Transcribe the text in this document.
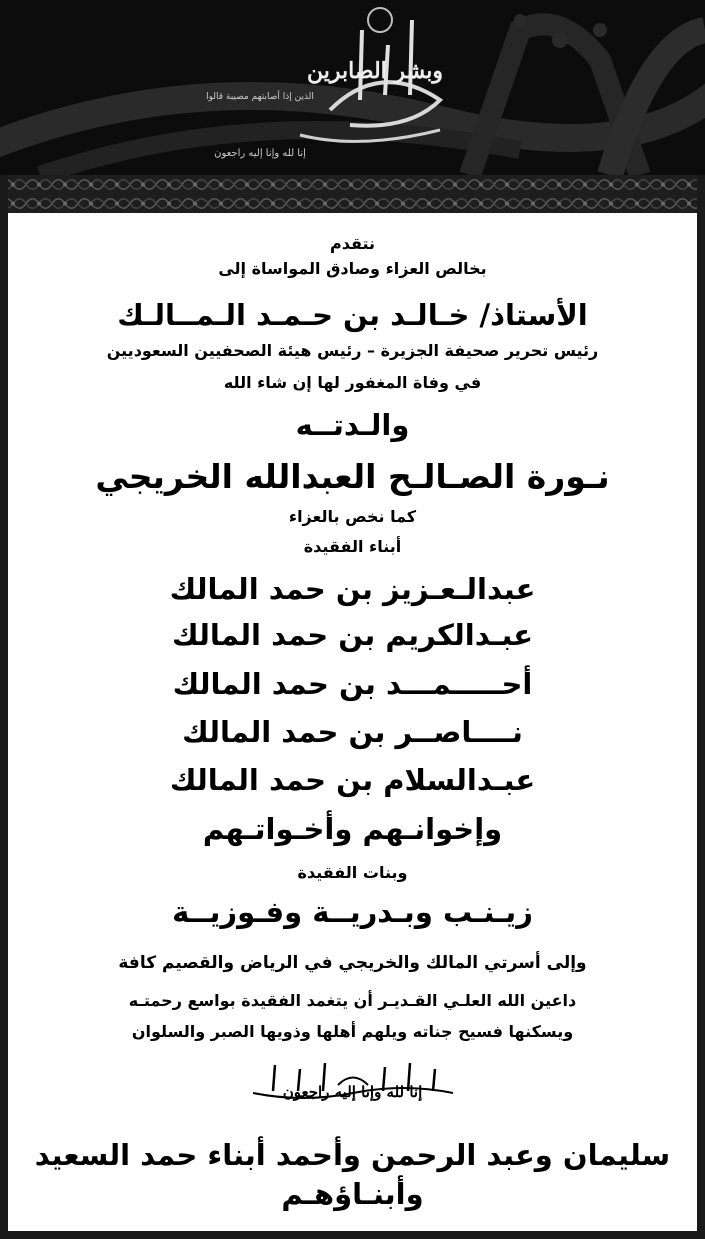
وبشر الصابرين
الذين إذا أصابتهم مصيبة قالوا
إنا لله وإنا إليه راجعون
نتقدم
بخالص العزاء وصادق المواساة إلى
الأستاذ/ خـالـد بن حـمـد الـمــالـك
رئيس تحرير صحيفة الجزيرة – رئيس هيئة الصحفيين السعوديين
في وفاة المغفور لها إن شاء الله
والـدتــه
نـورة الصـالـح العبدالله الخريجي
كما نخص بالعزاء
أبناء الفقيدة
عبدالـعـزيز بن حمد المالك
عبـدالكريم بن حمد المالك
أحـــــمـــد بن حمد المالك
نــــاصــر بن حمد المالك
عبـدالسلام بن حمد المالك
وإخوانـهم وأخـواتـهم
وبنات الفقيدة
زيـنـب وبـدريــة وفـوزيــة
وإلى أسرتي المالك والخريجي في الرياض والقصيم كافة
داعين الله العلـي القـديـر أن يتغمد الفقيدة بواسع رحمتـه
ويسكنها فسيح جناته ويلهم أهلها وذويها الصبر والسلوان
إنا لله وإنا إليه راجعون
سليمان وعبد الرحمن وأحمد أبناء حمد السعيد
وأبنـاؤهـم
